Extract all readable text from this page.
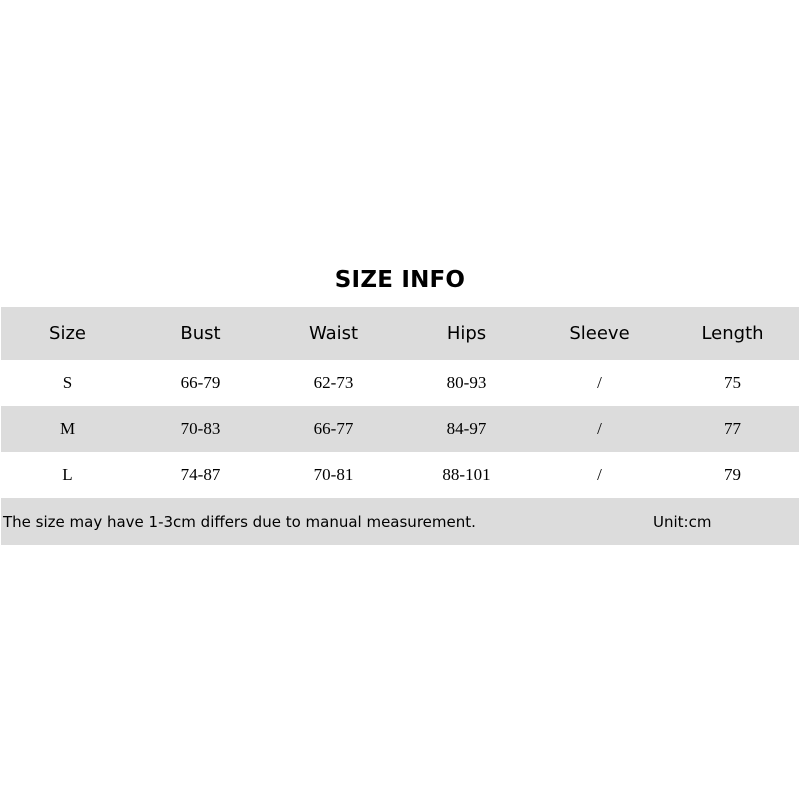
SIZE INFO
Size	Bust	Waist	Hips	Sleeve	Length
S	66-79	62-73	80-93	/	75
M	70-83	66-77	84-97	/	77
L	74-87	70-81	88-101	/	79
The size may have 1-3cm differs due to manual measurement.	Unit:cm
